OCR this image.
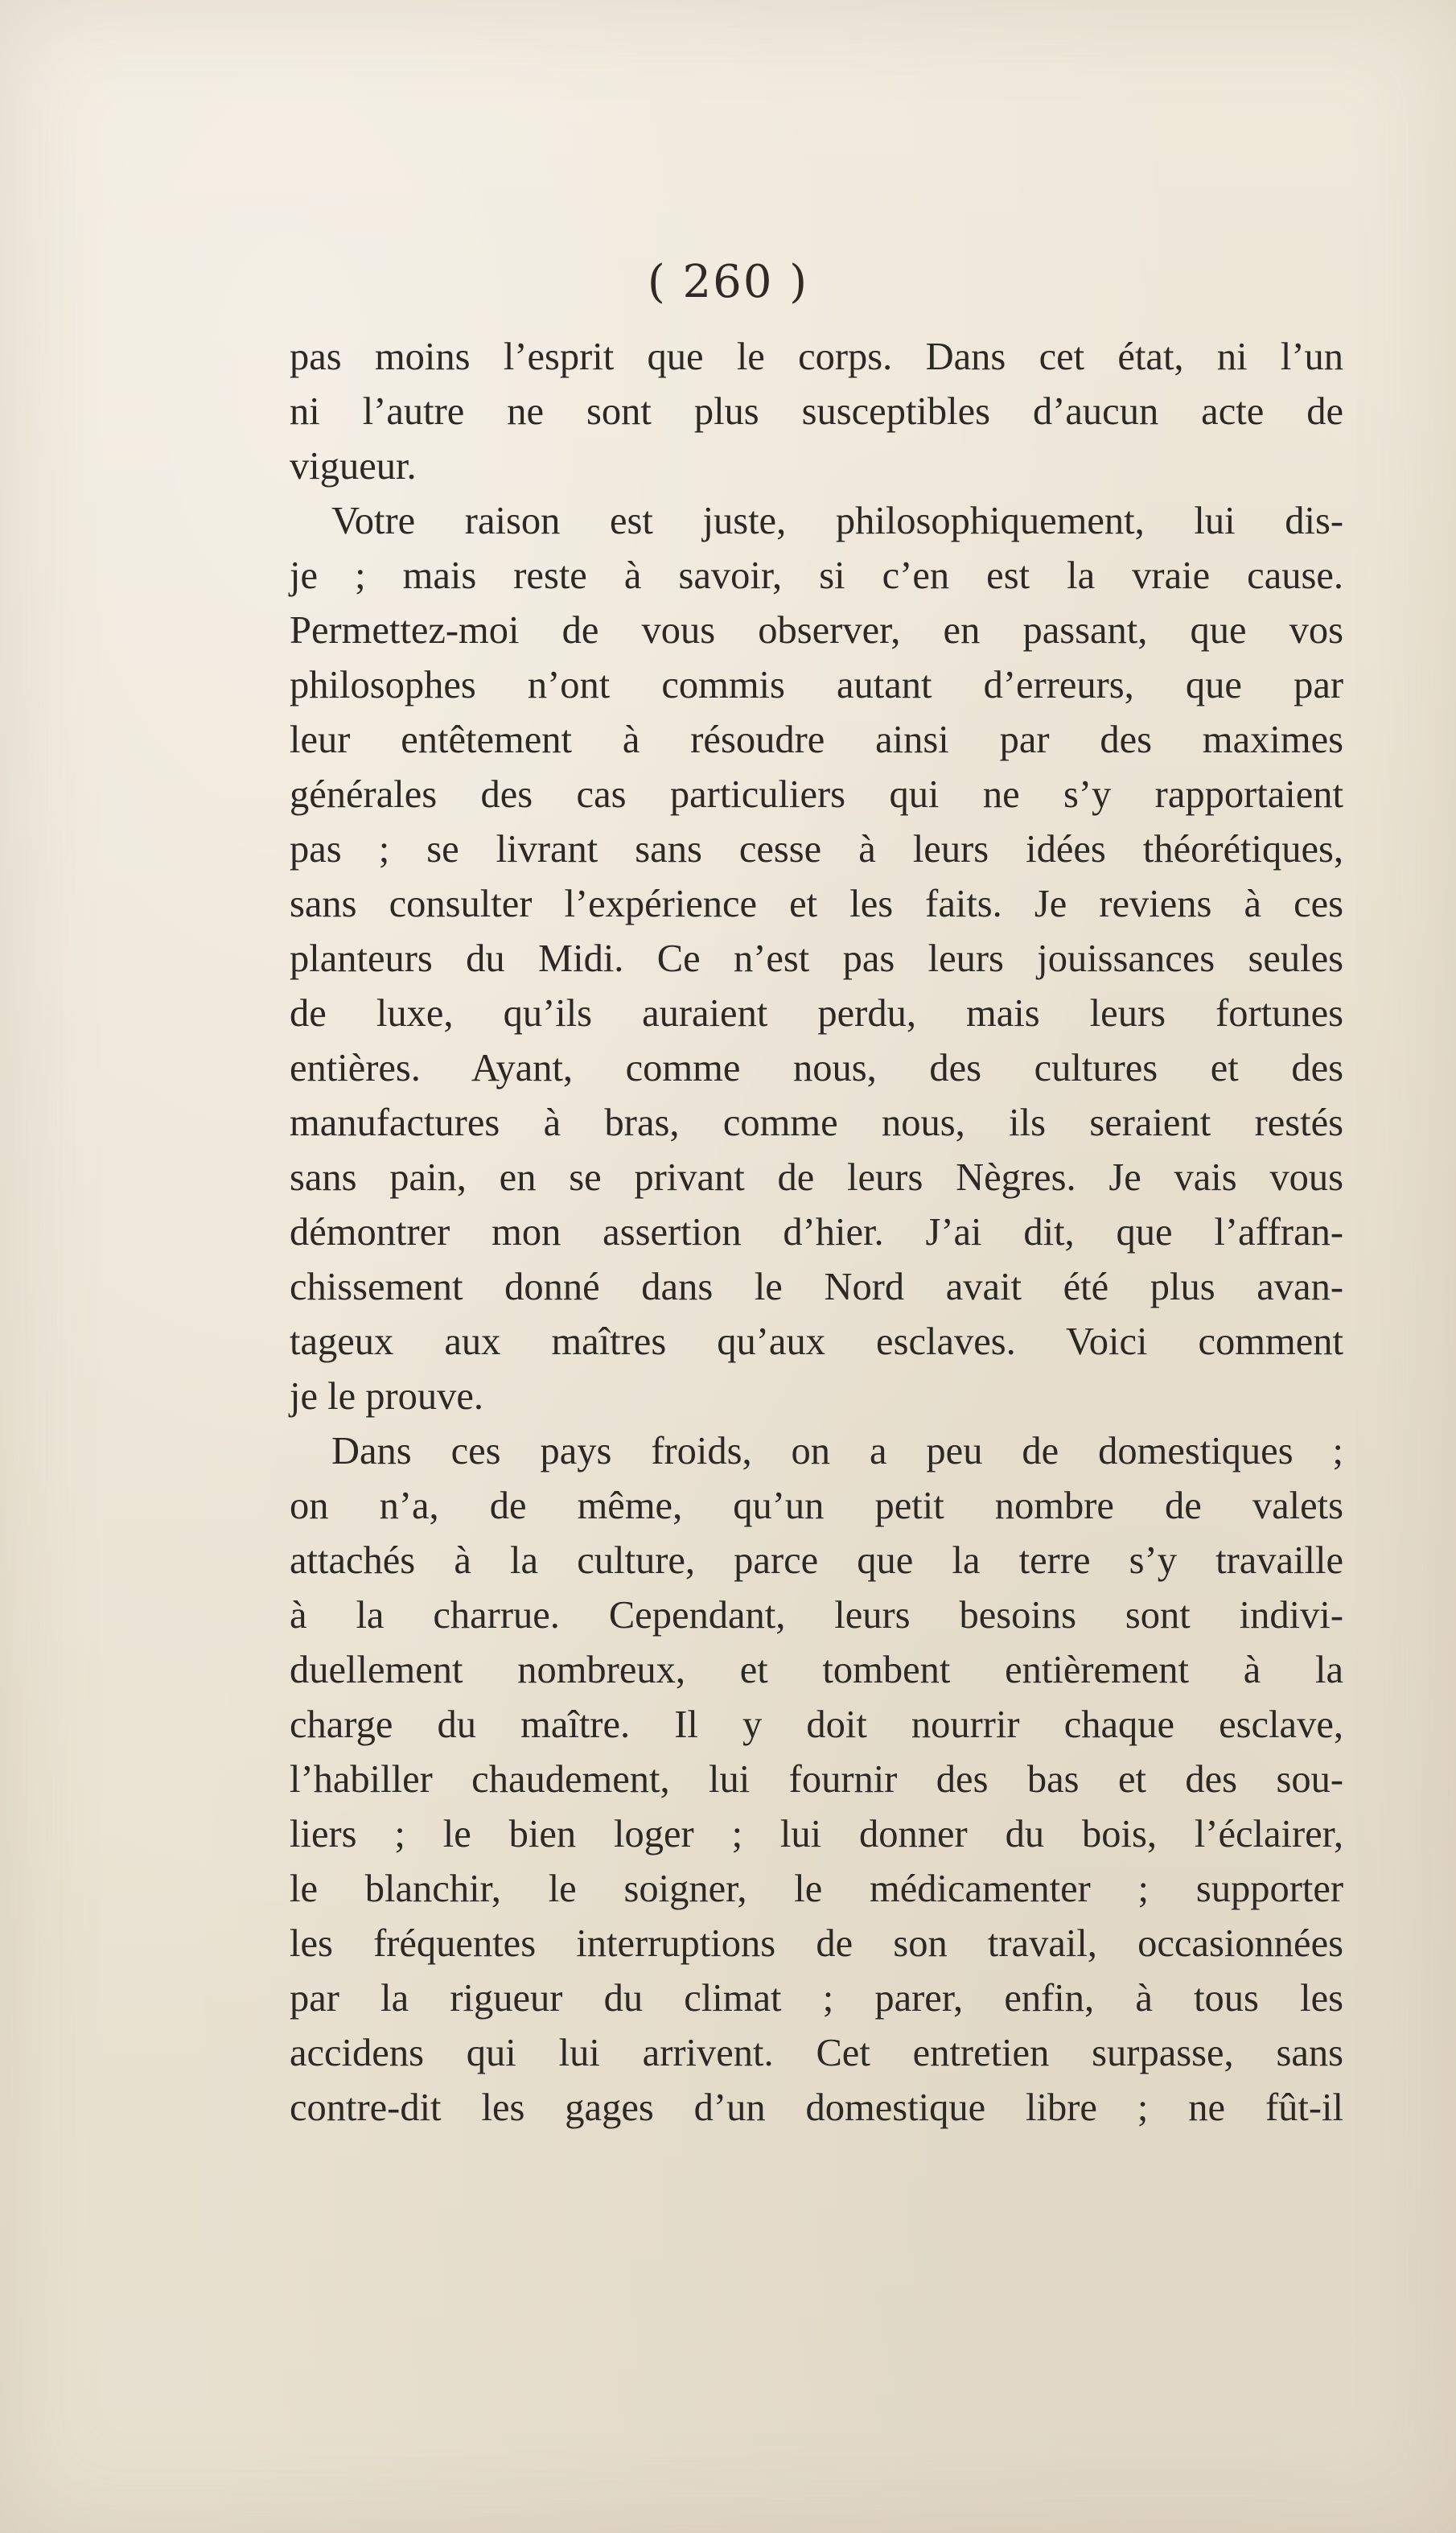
( 260 )
pas moins l’esprit que le corps. Dans cet état, ni l’un
ni l’autre ne sont plus susceptibles d’aucun acte de
vigueur.
Votre raison est juste, philosophiquement, lui dis-
je ; mais reste à savoir, si c’en est la vraie cause.
Permettez-moi de vous observer, en passant, que vos
philosophes n’ont commis autant d’erreurs, que par
leur entêtement à résoudre ainsi par des maximes
générales des cas particuliers qui ne s’y rapportaient
pas ; se livrant sans cesse à leurs idées théorétiques,
sans consulter l’expérience et les faits. Je reviens à ces
planteurs du Midi. Ce n’est pas leurs jouissances seules
de luxe, qu’ils auraient perdu, mais leurs fortunes
entières. Ayant, comme nous, des cultures et des
manufactures à bras, comme nous, ils seraient restés
sans pain, en se privant de leurs Nègres. Je vais vous
démontrer mon assertion d’hier. J’ai dit, que l’affran-
chissement donné dans le Nord avait été plus avan-
tageux aux maîtres qu’aux esclaves. Voici comment
je le prouve.
Dans ces pays froids, on a peu de domestiques ;
on n’a, de même, qu’un petit nombre de valets
attachés à la culture, parce que la terre s’y travaille
à la charrue. Cependant, leurs besoins sont indivi-
duellement nombreux, et tombent entièrement à la
charge du maître. Il y doit nourrir chaque esclave,
l’habiller chaudement, lui fournir des bas et des sou-
liers ; le bien loger ; lui donner du bois, l’éclairer,
le blanchir, le soigner, le médicamenter ; supporter
les fréquentes interruptions de son travail, occasionnées
par la rigueur du climat ; parer, enfin, à tous les
accidens qui lui arrivent. Cet entretien surpasse, sans
contre-dit les gages d’un domestique libre ; ne fût-il
